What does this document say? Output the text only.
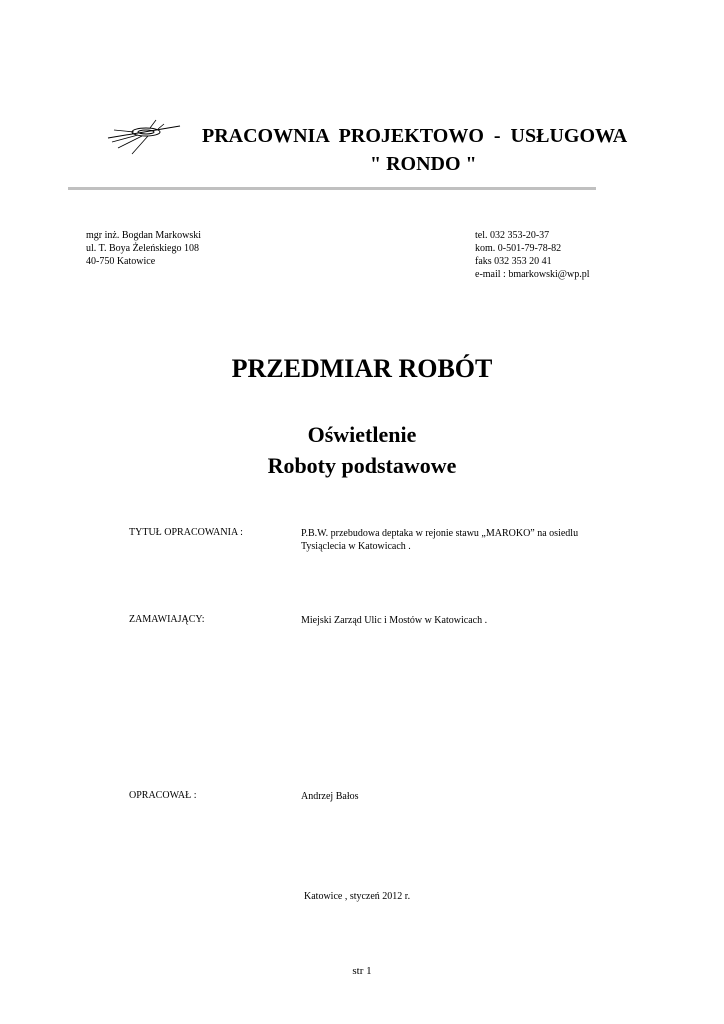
PRACOWNIA  PROJEKTOWO  -  USŁUGOWA
" RONDO "
mgr inż. Bogdan Markowski
ul. T. Boya Żeleńskiego 108
40-750 Katowice
tel. 032 353-20-37
kom. 0-501-79-78-82
faks 032 353 20 41
e-mail : bmarkowski@wp.pl
PRZEDMIAR ROBÓT
Oświetlenie
Roboty podstawowe
TYTUŁ OPRACOWANIA :	P.B.W. przebudowa deptaka w rejonie stawu „MAROKO” na osiedlu
Tysiąclecia w Katowicach .
ZAMAWIAJĄCY:	Miejski Zarząd Ulic i Mostów w Katowicach .
OPRACOWAŁ :	Andrzej Bałos
Katowice , styczeń 2012 r.
str 1
